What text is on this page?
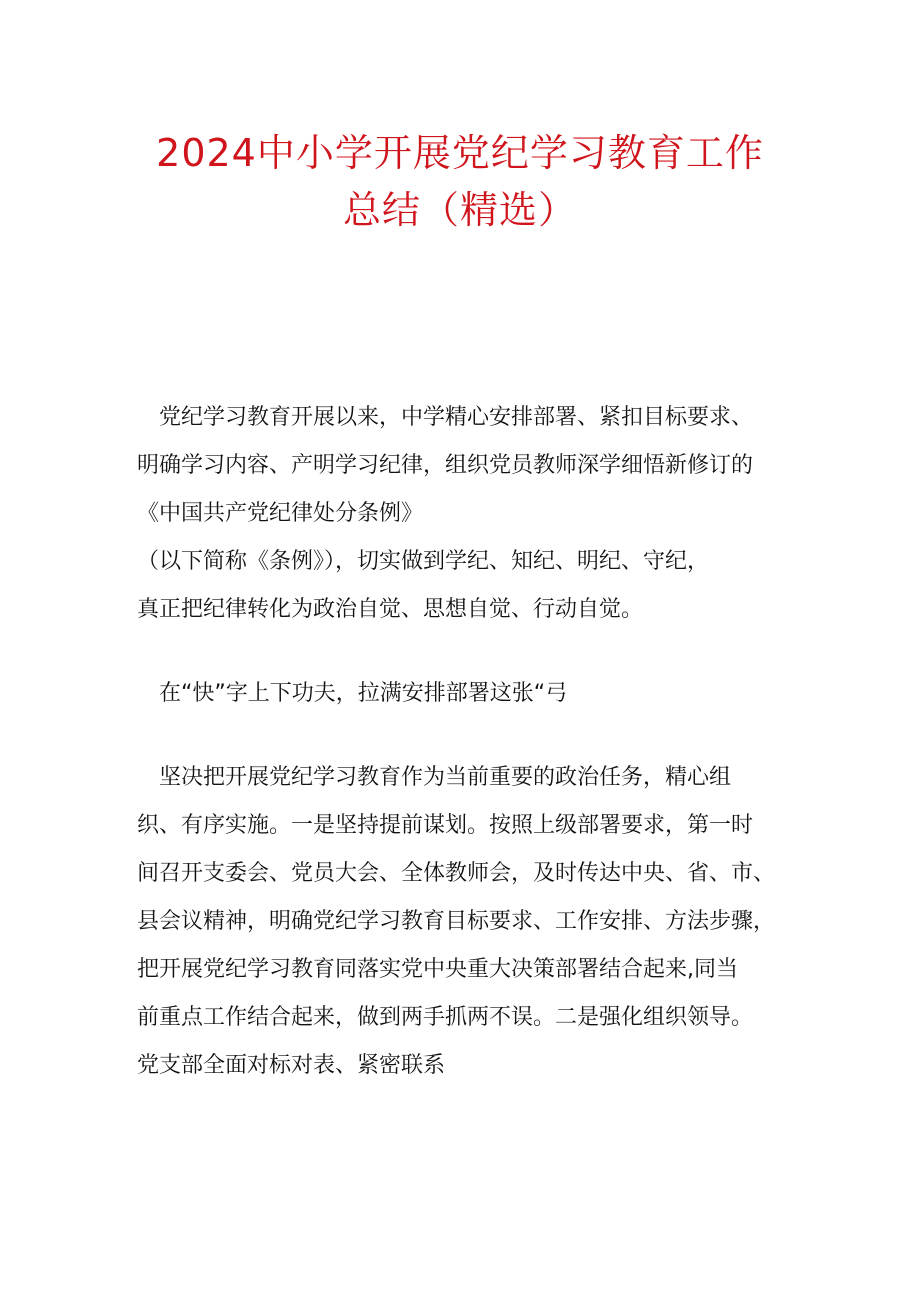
2024中小学开展党纪学习教育工作
总结（精选）
　党纪学习教育开展以来，中学精心安排部署、紧扣目标要求、
明确学习内容、产明学习纪律，组织党员教师深学细悟新修订的
《中国共产党纪律处分条例》
（以下简称《条例》），切实做到学纪、知纪、明纪、守纪，
真正把纪律转化为政治自觉、思想自觉、行动自觉。
　在“快”字上下功夫，拉满安排部署这张“弓
　坚决把开展党纪学习教育作为当前重要的政治任务，精心组
织、有序实施。一是坚持提前谋划。按照上级部署要求，第一时
间召开支委会、党员大会、全体教师会，及时传达中央、省、市、
县会议精神，明确党纪学习教育目标要求、工作安排、方法步骤，
把开展党纪学习教育同落实党中央重大决策部署结合起来,同当
前重点工作结合起来，做到两手抓两不误。二是强化组织领导。
党支部全面对标对表、紧密联系
